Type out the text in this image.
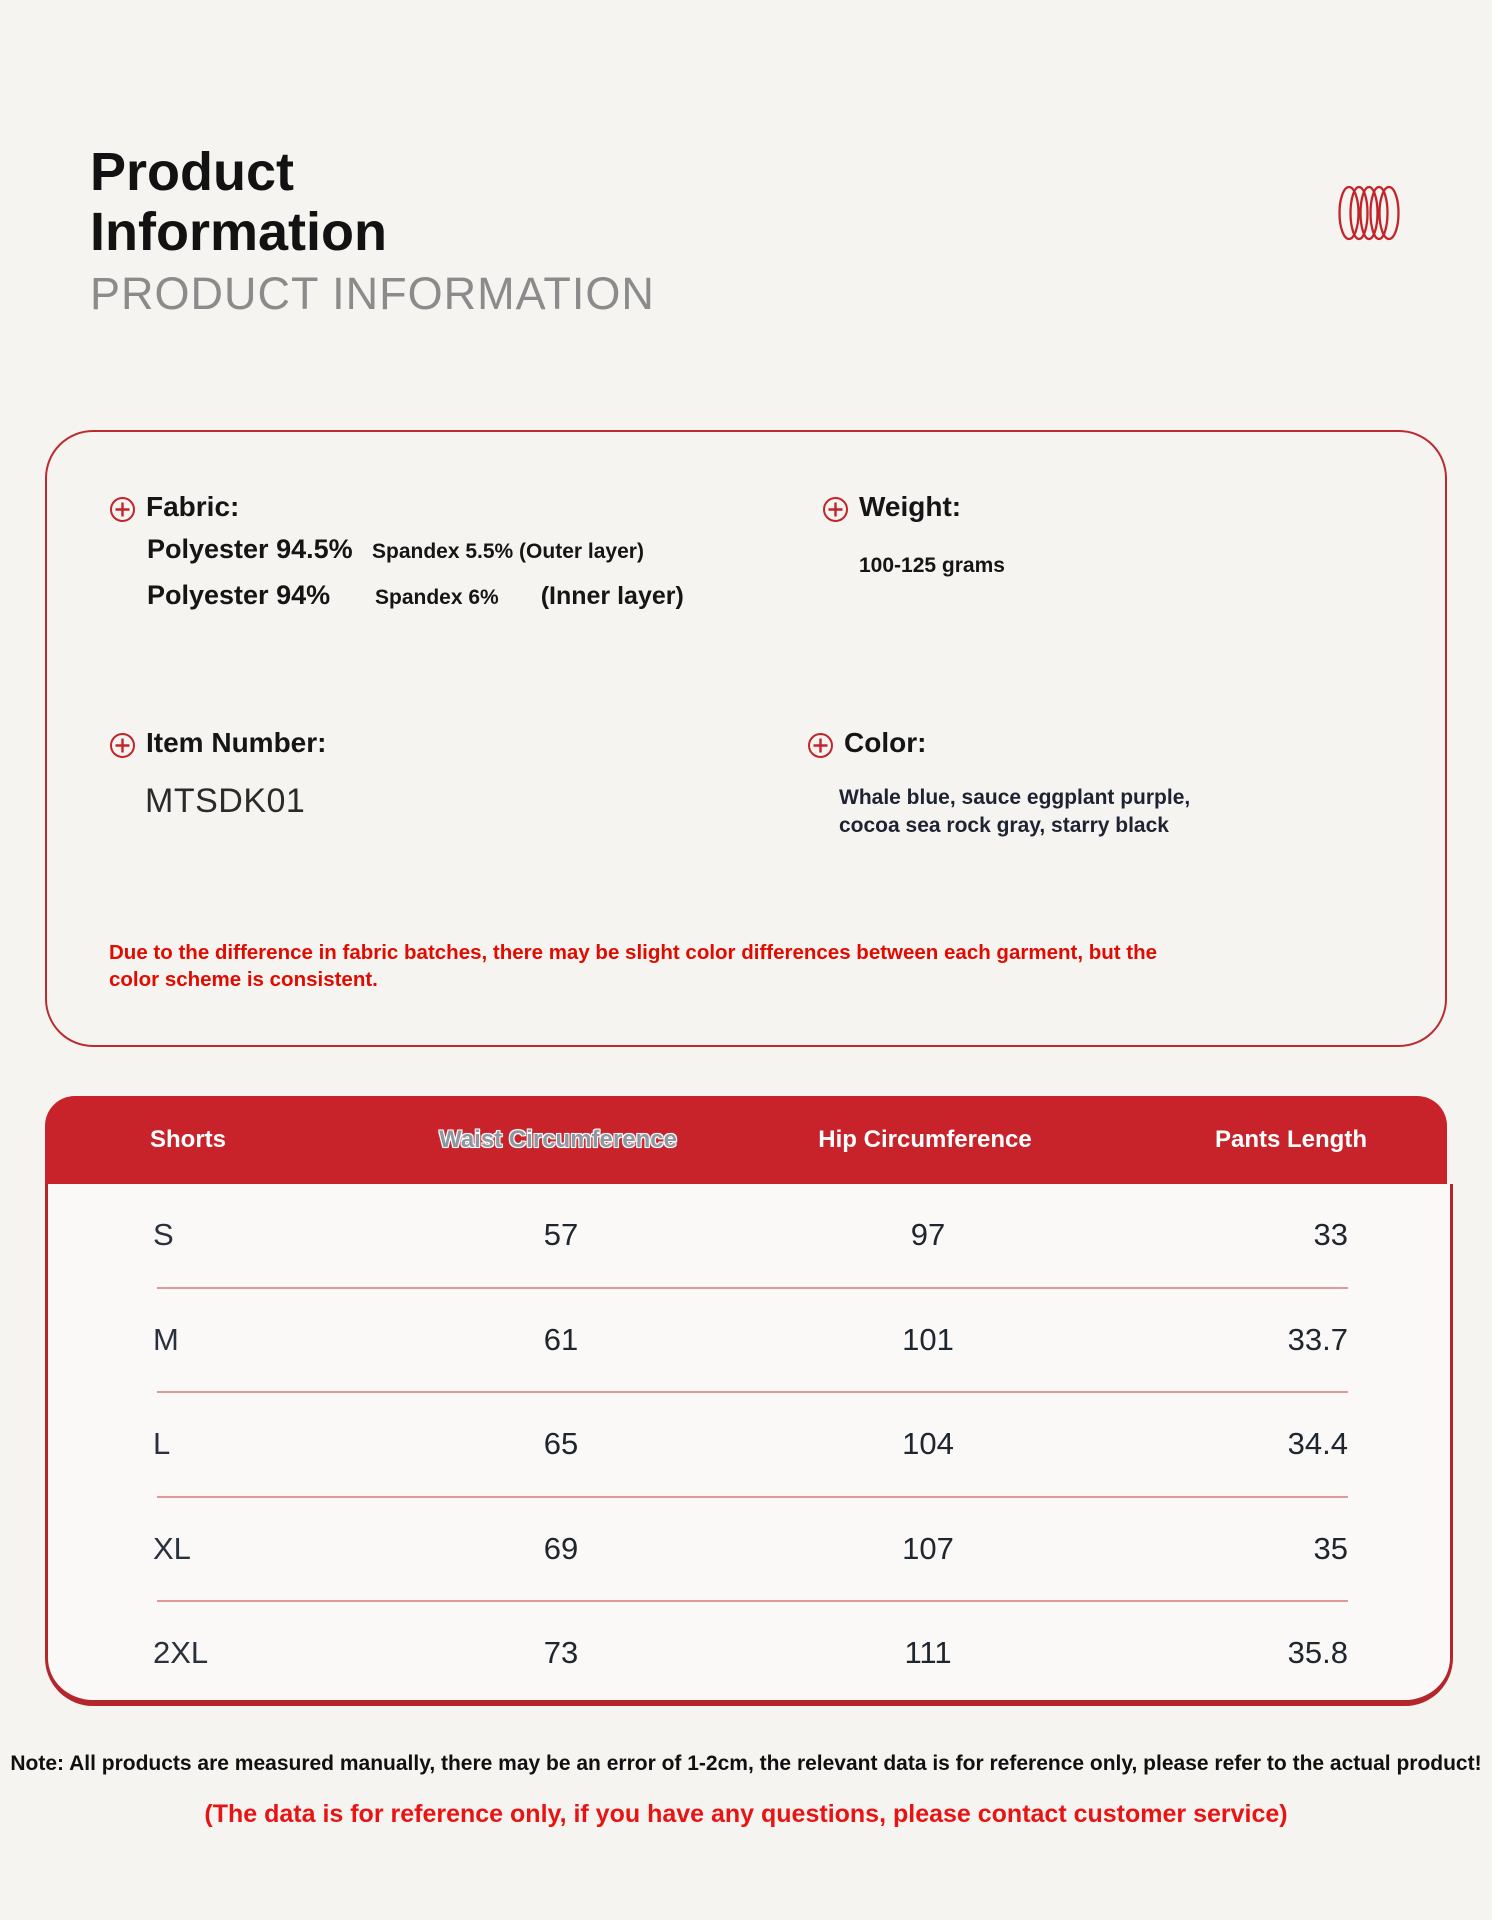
Product
Information
PRODUCT INFORMATION
Fabric:
Polyester 94.5% Spandex 5.5% (Outer layer)
Polyester 94%	Spandex 6% (Inner layer)
Weight:
100-125 grams
Item Number:
MTSDK01
Color:
Whale blue, sauce eggplant purple,
cocoa sea rock gray, starry black
Due to the difference in fabric batches, there may be slight color differences between each garment, but the color scheme is consistent.
Shorts	Waist Circumference	Hip Circumference	Pants Length
S	57	97	33
M	61	101	33.7
L	65	104	34.4
XL	69	107	35
2XL	73	111	35.8
Note: All products are measured manually, there may be an error of 1-2cm, the relevant data is for reference only, please refer to the actual product!
(The data is for reference only, if you have any questions, please contact customer service)
